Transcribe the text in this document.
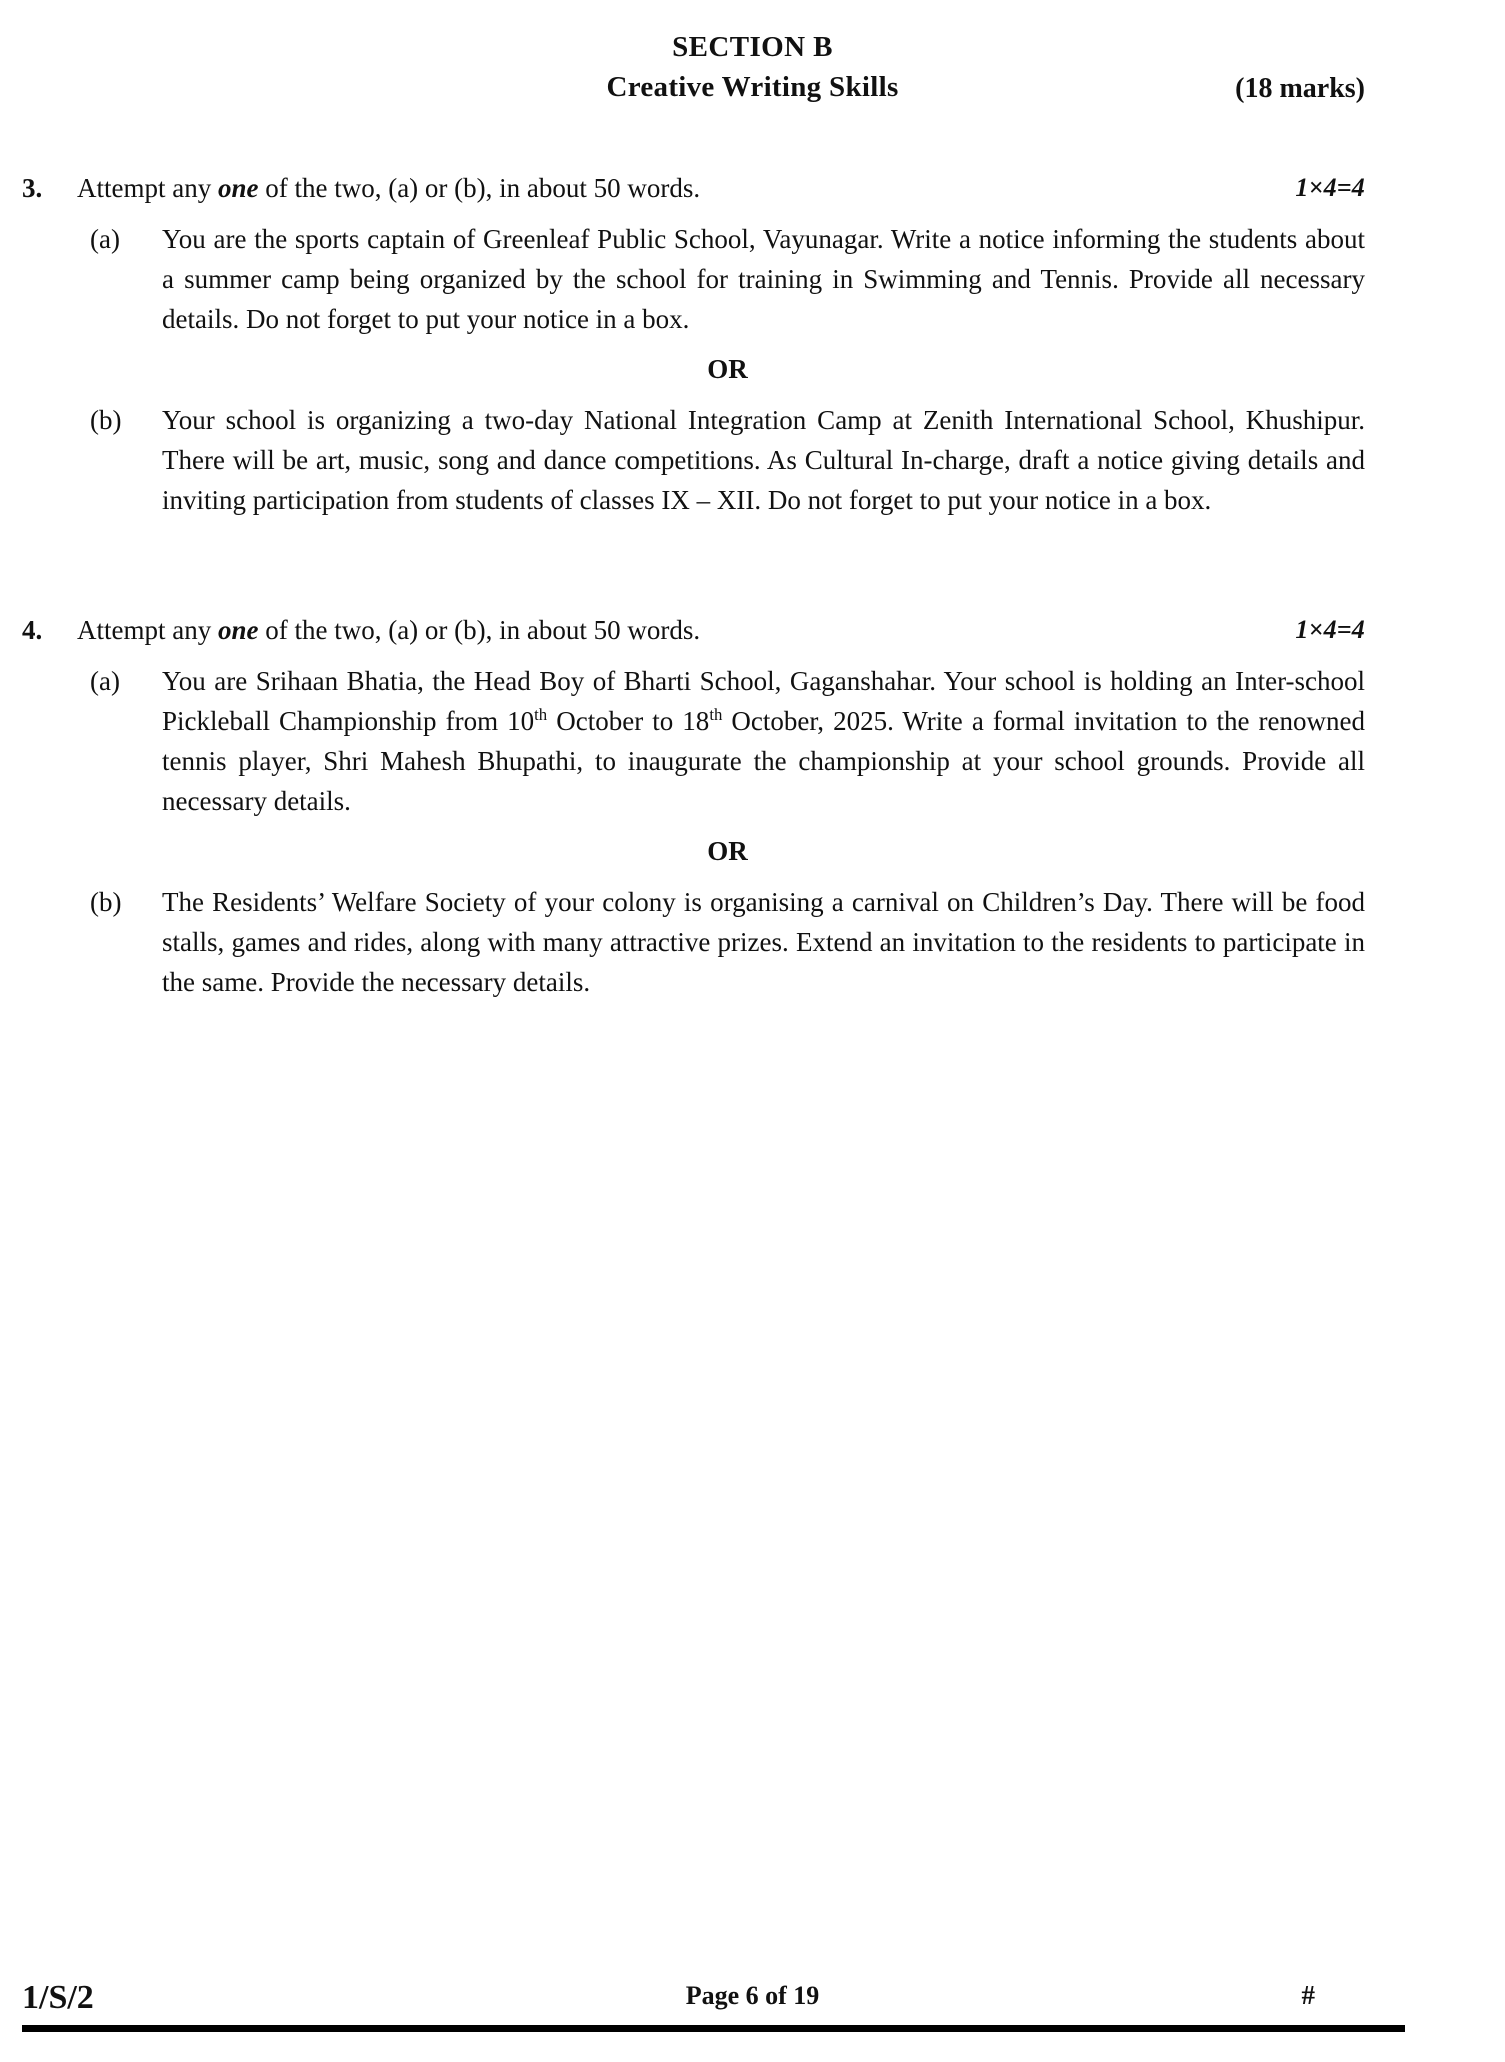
SECTION B
Creative Writing Skills	(18 marks)
3.	Attempt any one of the two, (a) or (b), in about 50 words.	1×4=4
(a)	You are the sports captain of Greenleaf Public School, Vayunagar. Write a notice informing the students about a summer camp being organized by the school for training in Swimming and Tennis. Provide all necessary details. Do not forget to put your notice in a box.
OR
(b)	Your school is organizing a two-day National Integration Camp at Zenith International School, Khushipur. There will be art, music, song and dance competitions. As Cultural In-charge, draft a notice giving details and inviting participation from students of classes IX – XII. Do not forget to put your notice in a box.
4.	Attempt any one of the two, (a) or (b), in about 50 words.	1×4=4
(a)	You are Srihaan Bhatia, the Head Boy of Bharti School, Gaganshahar. Your school is holding an Inter-school Pickleball Championship from 10th October to 18th October, 2025. Write a formal invitation to the renowned tennis player, Shri Mahesh Bhupathi, to inaugurate the championship at your school grounds. Provide all necessary details.
OR
(b)	The Residents’ Welfare Society of your colony is organising a carnival on Children’s Day. There will be food stalls, games and rides, along with many attractive prizes. Extend an invitation to the residents to participate in the same. Provide the necessary details.
1/S/2	Page 6 of 19	#
